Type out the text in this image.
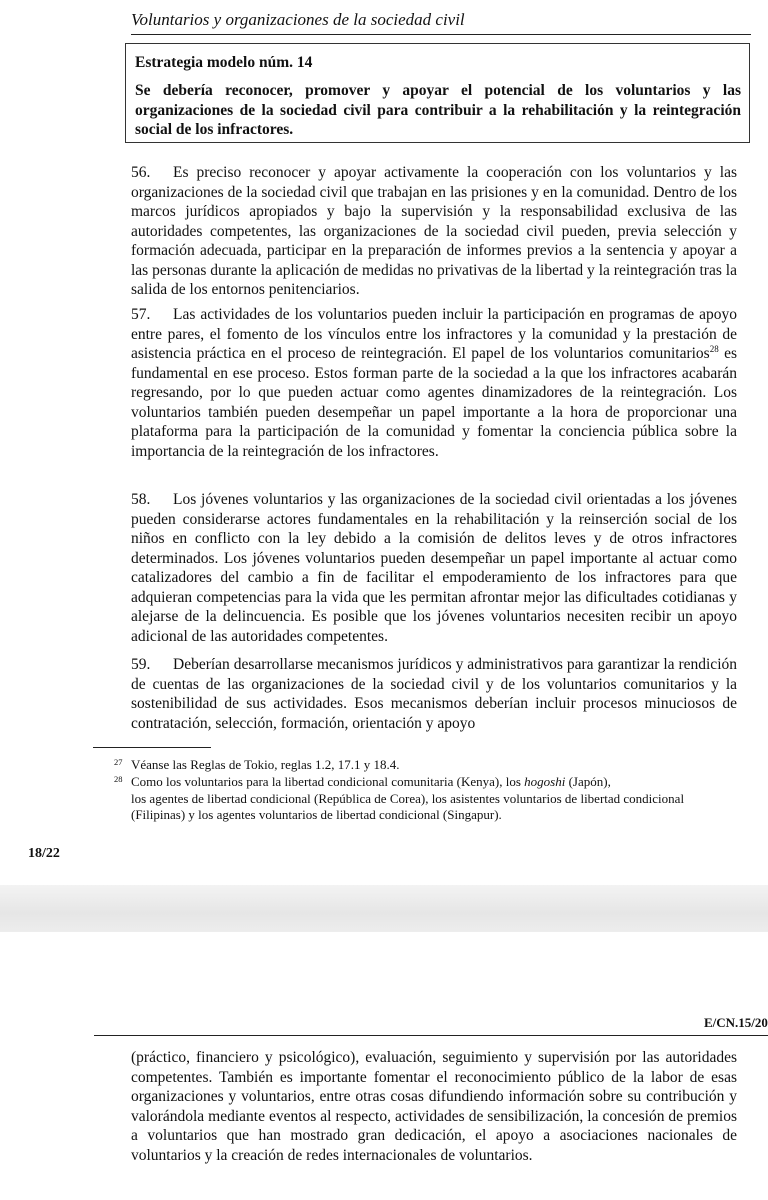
Voluntarios y organizaciones de la sociedad civil
Estrategia modelo núm. 14
Se debería reconocer, promover y apoyar el potencial de los voluntarios y las organizaciones de la sociedad civil para contribuir a la rehabilitación y la reintegración social de los infractores.

56. Es preciso reconocer y apoyar activamente la cooperación con los voluntarios y las organizaciones de la sociedad civil que trabajan en las prisiones y en la comunidad. Dentro de los marcos jurídicos apropiados y bajo la supervisión y la responsabilidad exclusiva de las autoridades competentes, las organizaciones de la sociedad civil pueden, previa selección y formación adecuada, participar en la preparación de informes previos a la sentencia y apoyar a las personas durante la aplicación de medidas no privativas de la libertad y la reintegración tras la salida de los entornos penitenciarios.

57. Las actividades de los voluntarios pueden incluir la participación en programas de apoyo entre pares, el fomento de los vínculos entre los infractores y la comunidad y la prestación de asistencia práctica en el proceso de reintegración. El papel de los voluntarios comunitarios$^{28}$ es fundamental en ese proceso. Estos forman parte de la sociedad a la que los infractores acabarán regresando, por lo que pueden actuar como agentes dinamizadores de la reintegración. Los voluntarios también pueden desempeñar un papel importante a la hora de proporcionar una plataforma para la participación de la comunidad y fomentar la conciencia pública sobre la importancia de la reintegración de los infractores.

58. Los jóvenes voluntarios y las organizaciones de la sociedad civil orientadas a los jóvenes pueden considerarse actores fundamentales en la rehabilitación y la reinserción social de los niños en conflicto con la ley debido a la comisión de delitos leves y de otros infractores determinados. Los jóvenes voluntarios pueden desempeñar un papel importante al actuar como catalizadores del cambio a fin de facilitar el empoderamiento de los infractores para que adquieran competencias para la vida que les permitan afrontar mejor las dificultades cotidianas y alejarse de la delincuencia. Es posible que los jóvenes voluntarios necesiten recibir un apoyo adicional de las autoridades competentes.

59. Deberían desarrollarse mecanismos jurídicos y administrativos para garantizar la rendición de cuentas de las organizaciones de la sociedad civil y de los voluntarios comunitarios y la sostenibilidad de sus actividades. Esos mecanismos deberían incluir procesos minuciosos de contratación, selección, formación, orientación y apoyo

27 Véanse las Reglas de Tokio, reglas 1.2, 17.1 y 18.4.

28 Como los voluntarios para la libertad condicional comunitaria (Kenya), los hogoshi (Japón),
los agentes de libertad condicional (República de Corea), los asistentes voluntarios de libertad condicional (Filipinas) y los agentes voluntarios de libertad condicional (Singapur).

18/22
E/CN.15/20

(práctico, financiero y psicológico), evaluación, seguimiento y supervisión por las autoridades competentes. También es importante fomentar el reconocimiento público de la labor de esas organizaciones y voluntarios, entre otras cosas difundiendo información sobre su contribución y valorándola mediante eventos al respecto, actividades de sensibilización, la concesión de premios a voluntarios que han mostrado gran dedicación, el apoyo a asociaciones nacionales de voluntarios y la creación de redes internacionales de voluntarios.
